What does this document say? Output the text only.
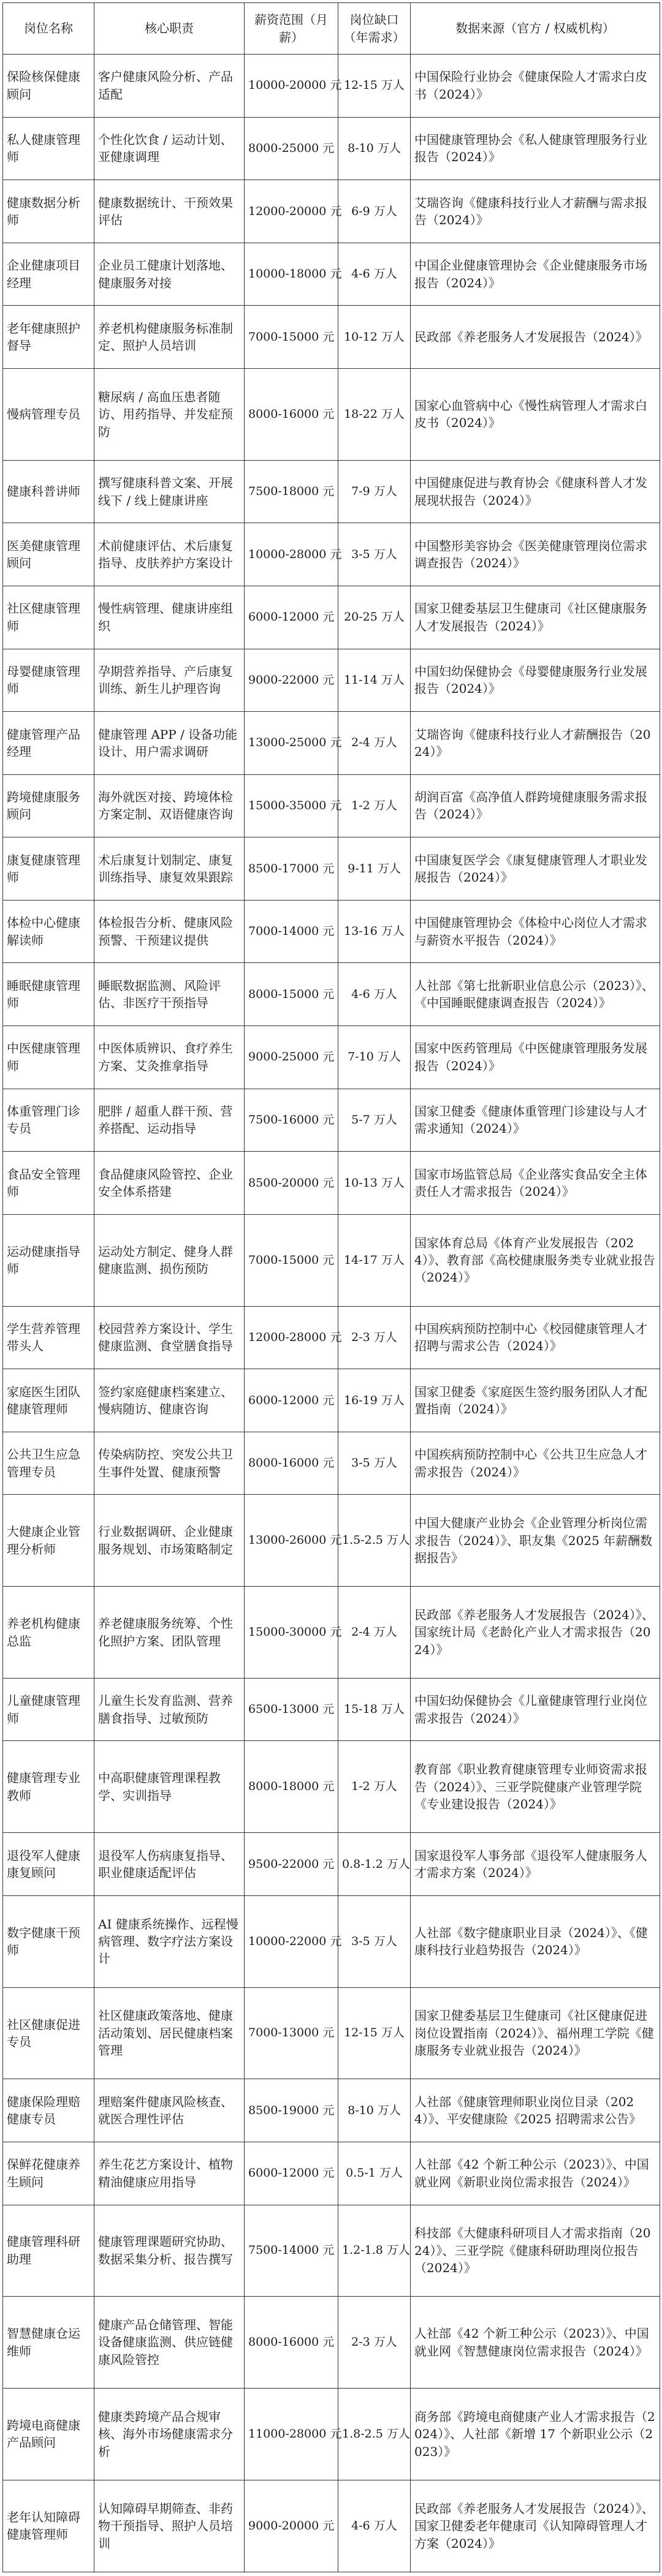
岗位名称	核心职责	薪资范围（月薪）	岗位缺口（年需求）	数据来源（官方 / 权威机构）
保险核保健康顾问	客户健康风险分析、产品适配	10000-20000 元	12-15 万人	中国保险行业协会《健康保险人才需求白皮书（2024）》
私人健康管理师	个性化饮食 / 运动计划、亚健康调理	8000-25000 元	8-10 万人	中国健康管理协会《私人健康管理服务行业报告（2024）》
健康数据分析师	健康数据统计、干预效果评估	12000-20000 元	6-9 万人	艾瑞咨询《健康科技行业人才薪酬与需求报告（2024）》
企业健康项目经理	企业员工健康计划落地、健康服务对接	10000-18000 元	4-6 万人	中国企业健康管理协会《企业健康服务市场报告（2024）》
老年健康照护督导	养老机构健康服务标准制定、照护人员培训	7000-15000 元	10-12 万人	民政部《养老服务人才发展报告（2024）》
慢病管理专员	糖尿病 / 高血压患者随访、用药指导、并发症预防	8000-16000 元	18-22 万人	国家心血管病中心《慢性病管理人才需求白皮书（2024）》
健康科普讲师	撰写健康科普文案、开展线下 / 线上健康讲座	7500-18000 元	7-9 万人	中国健康促进与教育协会《健康科普人才发展现状报告（2024）》
医美健康管理顾问	术前健康评估、术后康复指导、皮肤养护方案设计	10000-28000 元	3-5 万人	中国整形美容协会《医美健康管理岗位需求调查报告（2024）》
社区健康管理师	慢性病管理、健康讲座组织	6000-12000 元	20-25 万人	国家卫健委基层卫生健康司《社区健康服务人才发展报告（2024）》
母婴健康管理师	孕期营养指导、产后康复训练、新生儿护理咨询	9000-22000 元	11-14 万人	中国妇幼保健协会《母婴健康服务行业发展报告（2024）》
健康管理产品经理	健康管理 APP / 设备功能设计、用户需求调研	13000-25000 元	2-4 万人	艾瑞咨询《健康科技行业人才薪酬报告（2024）》
跨境健康服务顾问	海外就医对接、跨境体检方案定制、双语健康咨询	15000-35000 元	1-2 万人	胡润百富《高净值人群跨境健康服务需求报告（2024）》
康复健康管理师	术后康复计划制定、康复训练指导、康复效果跟踪	8500-17000 元	9-11 万人	中国康复医学会《康复健康管理人才职业发展报告（2024）》
体检中心健康解读师	体检报告分析、健康风险预警、干预建议提供	7000-14000 元	13-16 万人	中国健康管理协会《体检中心岗位人才需求与薪资水平报告（2024）》
睡眠健康管理师	睡眠数据监测、风险评估、非医疗干预指导	8000-15000 元	4-6 万人	人社部《第七批新职业信息公示（2023）》、《中国睡眠健康调查报告（2024）》
中医健康管理师	中医体质辨识、食疗养生方案、艾灸推拿指导	9000-25000 元	7-10 万人	国家中医药管理局《中医健康管理服务发展报告（2024）》
体重管理门诊专员	肥胖 / 超重人群干预、营养搭配、运动指导	7500-16000 元	5-7 万人	国家卫健委《健康体重管理门诊建设与人才需求通知（2024）》
食品安全管理师	食品健康风险管控、企业安全体系搭建	8500-20000 元	10-13 万人	国家市场监管总局《企业落实食品安全主体责任人才需求报告（2024）》
运动健康指导师	运动处方制定、健身人群健康监测、损伤预防	7000-15000 元	14-17 万人	国家体育总局《体育产业发展报告（2024）》、教育部《高校健康服务类专业就业报告（2024）》
学生营养管理带头人	校园营养方案设计、学生健康监测、食堂膳食指导	12000-28000 元	2-3 万人	中国疾病预防控制中心《校园健康管理人才招聘与需求公告（2024）》
家庭医生团队健康管理师	签约家庭健康档案建立、慢病随访、健康咨询	6000-12000 元	16-19 万人	国家卫健委《家庭医生签约服务团队人才配置指南（2024）》
公共卫生应急管理专员	传染病防控、突发公共卫生事件处置、健康预警	8000-16000 元	3-5 万人	中国疾病预防控制中心《公共卫生应急人才需求报告（2024）》
大健康企业管理分析师	行业数据调研、企业健康服务规划、市场策略制定	13000-26000 元	1.5-2.5 万人	中国大健康产业协会《企业管理分析岗位需求报告（2024）》、职友集《2025 年薪酬数据报告》
养老机构健康总监	养老健康服务统筹、个性化照护方案、团队管理	15000-30000 元	2-4 万人	民政部《养老服务人才发展报告（2024）》、国家统计局《老龄化产业人才需求报告（2024）》
儿童健康管理师	儿童生长发育监测、营养膳食指导、过敏预防	6500-13000 元	15-18 万人	中国妇幼保健协会《儿童健康管理行业岗位需求报告（2024）》
健康管理专业教师	中高职健康管理课程教学、实训指导	8000-18000 元	1-2 万人	教育部《职业教育健康管理专业师资需求报告（2024）》、三亚学院健康产业管理学院《专业建设报告（2024）》
退役军人健康康复顾问	退役军人伤病康复指导、职业健康适配评估	9500-22000 元	0.8-1.2 万人	国家退役军人事务部《退役军人健康服务人才需求方案（2024）》
数字健康干预师	AI 健康系统操作、远程慢病管理、数字疗法方案设计	10000-22000 元	3-5 万人	人社部《数字健康职业目录（2024）》、《健康科技行业趋势报告（2024）》
社区健康促进专员	社区健康政策落地、健康活动策划、居民健康档案管理	7000-13000 元	12-15 万人	国家卫健委基层卫生健康司《社区健康促进岗位设置指南（2024）》、福州理工学院《健康服务专业就业报告（2024）》
健康保险理赔健康专员	理赔案件健康风险核查、就医合理性评估	8500-19000 元	8-10 万人	人社部《健康管理师职业岗位目录（2024）》、平安健康险《2025 招聘需求公告》
保鲜花健康养生顾问	养生花艺方案设计、植物精油健康应用指导	6000-12000 元	0.5-1 万人	人社部《42 个新工种公示（2023）》、中国就业网《新职业岗位需求报告（2024）》
健康管理科研助理	健康管理课题研究协助、数据采集分析、报告撰写	7500-14000 元	1.2-1.8 万人	科技部《大健康科研项目人才需求指南（2024）》、三亚学院《健康科研助理岗位报告（2024）》
智慧健康仓运维师	健康产品仓储管理、智能设备健康监测、供应链健康风险管控	8000-16000 元	2-3 万人	人社部《42 个新工种公示（2023）》、中国就业网《智慧健康岗位需求报告（2024）》
跨境电商健康产品顾问	健康类跨境产品合规审核、海外市场健康需求分析	11000-28000 元	1.8-2.5 万人	商务部《跨境电商健康产业人才需求报告（2024）》、人社部《新增 17 个新职业公示（2023）》
老年认知障碍健康管理师	认知障碍早期筛查、非药物干预指导、照护人员培训	9000-20000 元	4-6 万人	民政部《养老服务人才发展报告（2024）》、国家卫健委老年健康司《认知障碍管理人才方案（2024）》
